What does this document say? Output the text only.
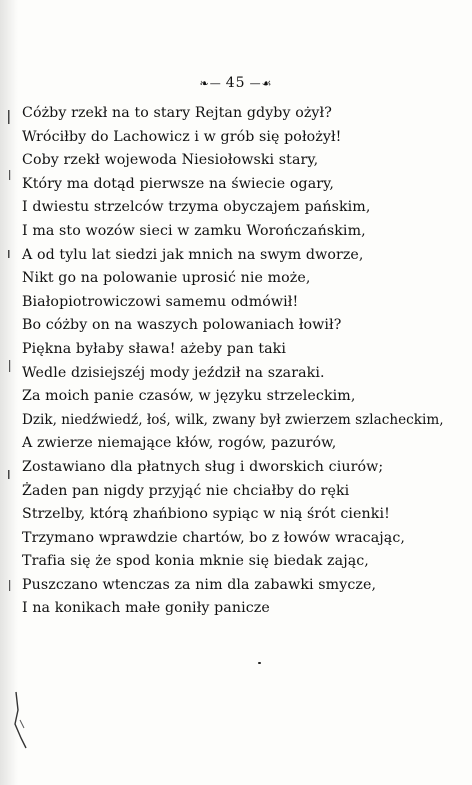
❧— 45 —☙
Cóżby rzekł na to stary Rejtan gdyby ożył?
Wróciłby do Lachowicz i w grób się położył!
Coby rzekł wojewoda Niesiołowski stary,
Który ma dotąd pierwsze na świecie ogary,
I dwiestu strzelców trzyma obyczajem pańskim,
I ma sto wozów sieci w zamku Worończańskim,
A od tylu lat siedzi jak mnich na swym dworze,
Nikt go na polowanie uprosić nie może,
Białopiotrowiczowi samemu odmówił!
Bo cóżby on na waszych polowaniach łowił?
Piękna byłaby sława! ażeby pan taki
Wedle dzisiejszéj mody jeździł na szaraki.
Za moich panie czasów, w języku strzeleckim,
Dzik, niedźwiedź, łoś, wilk, zwany był zwierzem szlacheckim,
A zwierze niemające kłów, rogów, pazurów,
Zostawiano dla płatnych sług i dworskich ciurów;
Żaden pan nigdy przyjąć nie chciałby do ręki
Strzelby, którą zhańbiono sypiąc w nią śrót cienki!
Trzymano wprawdzie chartów, bo z łowów wracając,
Trafia się że spod konia mknie się biedak zając,
Puszczano wtenczas za nim dla zabawki smycze,
I na konikach małe goniły panicze
